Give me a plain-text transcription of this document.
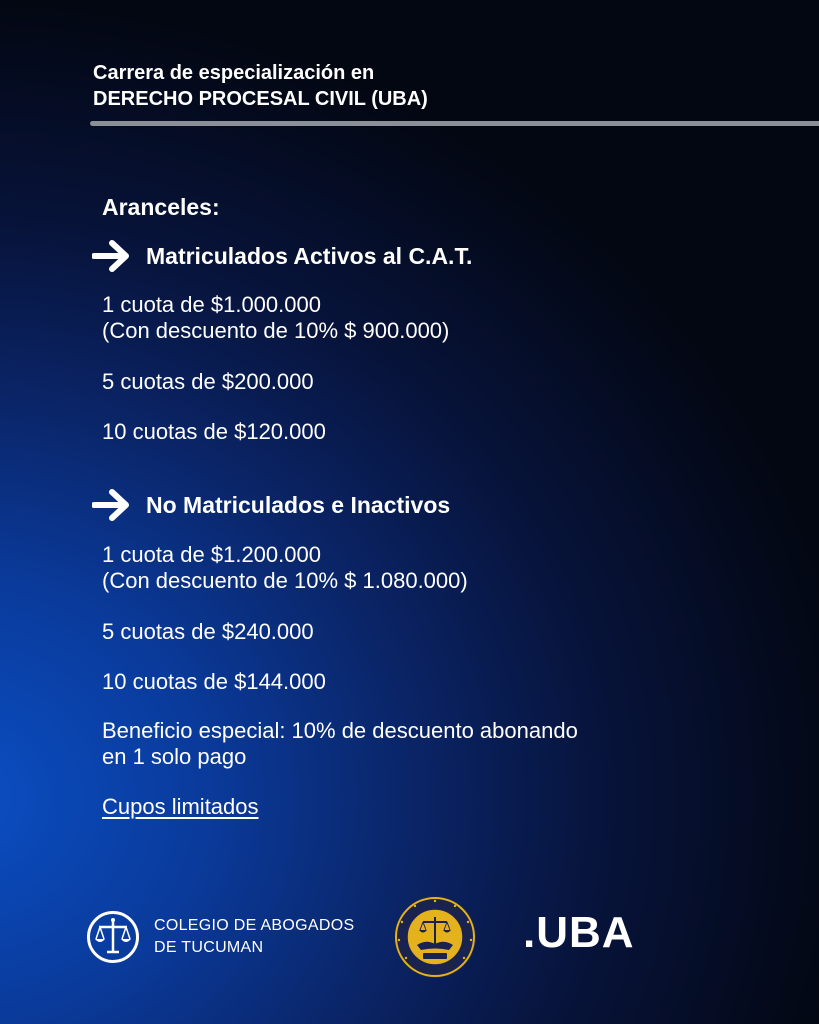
Carrera de especialización en
DERECHO PROCESAL CIVIL (UBA)
Aranceles:
Matriculados Activos al C.A.T.
1 cuota de $1.000.000
(Con descuento de 10% $ 900.000)
5 cuotas de $200.000
10 cuotas de $120.000
No Matriculados e Inactivos
1 cuota de $1.200.000
(Con descuento de 10% $ 1.080.000)
5 cuotas de $240.000
10 cuotas de $144.000
Beneficio especial: 10% de descuento abonando
en 1 solo pago
Cupos limitados
COLEGIO DE ABOGADOS
DE TUCUMAN	.UBA
